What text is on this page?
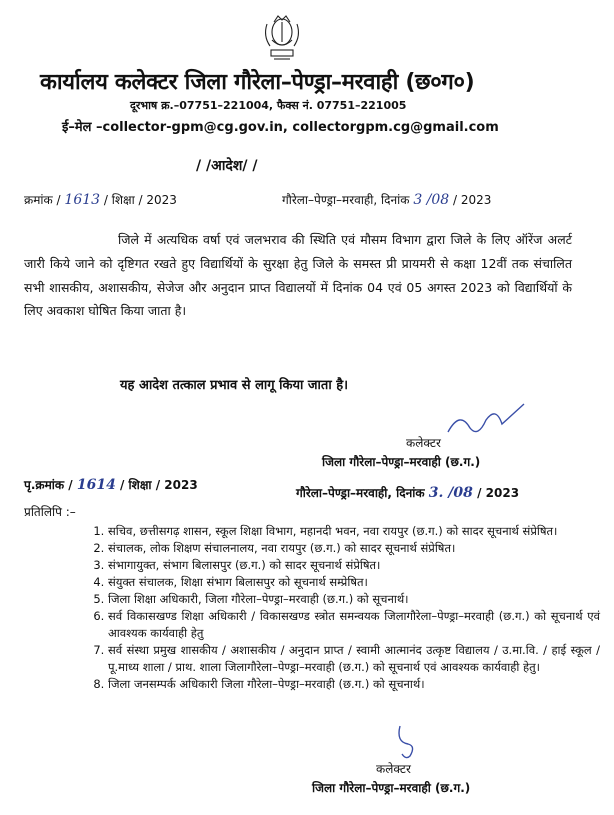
कार्यालय कलेक्टर जिला गौरेला–पेण्ड्रा–मरवाही (छ०ग०)
दूरभाष क्र.–07751–221004, फैक्स नं. 07751–221005
ई–मेल –collector-gpm@cg.gov.in, collectorgpm.cg@gmail.com
/ /आदेश/ /
क्रमांक / 1613 / शिक्षा / 2023	गौरेला–पेण्ड्रा–मरवाही, दिनांक 3 /08 / 2023
जिले में अत्यधिक वर्षा एवं जलभराव की स्थिति एवं मौसम विभाग द्वारा जिले के लिए ऑरेंज अलर्ट जारी किये जाने को दृष्टिगत रखते हुए विद्यार्थियों के सुरक्षा हेतु जिले के समस्त प्री प्रायमरी से कक्षा 12वीं तक संचालित सभी शासकीय, अशासकीय, सेजेज और अनुदान प्राप्त विद्यालयों में दिनांक 04 एवं 05 अगस्त 2023 को विद्यार्थियों के लिए अवकाश घोषित किया जाता है।
यह आदेश तत्काल प्रभाव से लागू किया जाता है।
कलेक्टर
जिला गौरेला–पेण्ड्रा–मरवाही (छ.ग.)
पृ.क्रमांक / 1614 / शिक्षा / 2023
गौरेला–पेण्ड्रा–मरवाही, दिनांक 3. /08 / 2023
प्रतिलिपि :–
1. सचिव, छत्तीसगढ़ शासन, स्कूल शिक्षा विभाग, महानदी भवन, नवा रायपुर (छ.ग.) को सादर सूचनार्थ संप्रेषित।
2. संचालक, लोक शिक्षण संचालनालय, नवा रायपुर (छ.ग.) को सादर सूचनार्थ संप्रेषित।
3. संभागायुक्त, संभाग बिलासपुर (छ.ग.) को सादर सूचनार्थ संप्रेषित।
4. संयुक्त संचालक, शिक्षा संभाग बिलासपुर को सूचनार्थ सम्प्रेषित।
5. जिला शिक्षा अधिकारी, जिला गौरेला–पेण्ड्रा–मरवाही (छ.ग.) को सूचनार्थ।
6. सर्व विकासखण्ड शिक्षा अधिकारी / विकासखण्ड स्त्रोत समन्वयक जिलागौरेला–पेण्ड्रा–मरवाही (छ.ग.) को सूचनार्थ एवं आवश्यक कार्यवाही हेतु
7. सर्व संस्था प्रमुख शासकीय / अशासकीय / अनुदान प्राप्त / स्वामी आत्मानंद उत्कृष्ट विद्यालय / उ.मा.वि. / हाई स्कूल / पू.माध्य शाला / प्राथ. शाला जिलागौरेला–पेण्ड्रा–मरवाही (छ.ग.) को सूचनार्थ एवं आवश्यक कार्यवाही हेतु।
8. जिला जनसम्पर्क अधिकारी जिला गौरेला–पेण्ड्रा–मरवाही (छ.ग.) को सूचनार्थ।
कलेक्टर
जिला गौरेला–पेण्ड्रा–मरवाही (छ.ग.)
